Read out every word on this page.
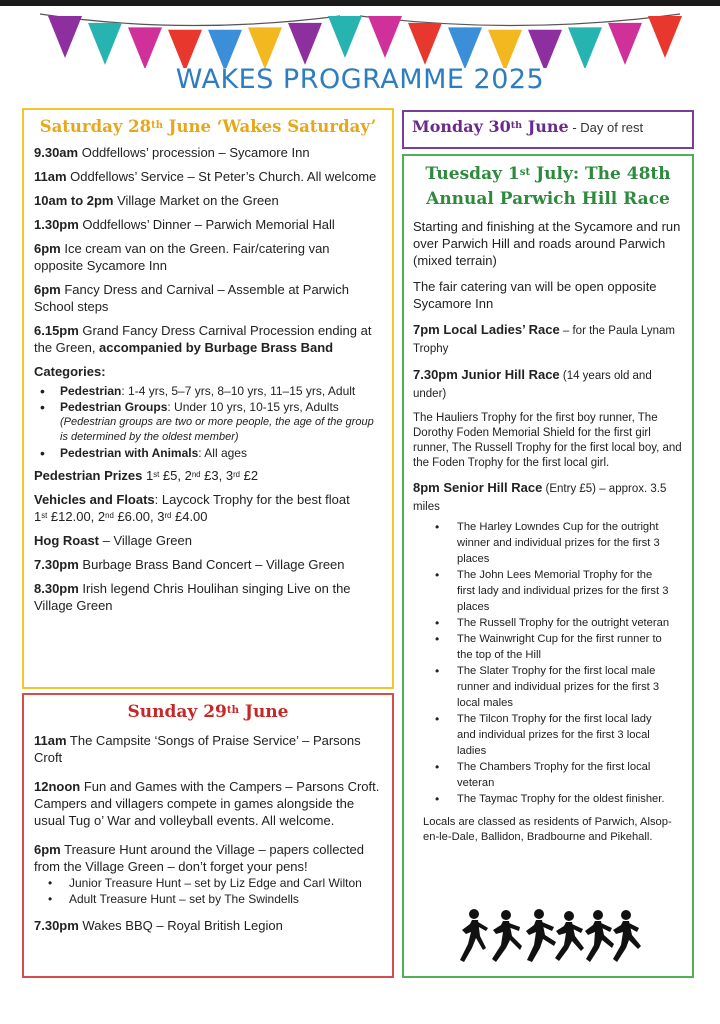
WAKES PROGRAMME 2025
Saturday 28th June ‘Wakes Saturday’
9.30am Oddfellows’ procession – Sycamore Inn
11am Oddfellows’ Service – St Peter’s Church. All welcome
10am to 2pm Village Market on the Green
1.30pm Oddfellows’ Dinner – Parwich Memorial Hall
6pm Ice cream van on the Green. Fair/catering van opposite Sycamore Inn
6pm Fancy Dress and Carnival – Assemble at Parwich School steps
6.15pm Grand Fancy Dress Carnival Procession ending at the Green, accompanied by Burbage Brass Band
Categories:
• Pedestrian: 1-4 yrs, 5–7 yrs, 8–10 yrs, 11–15 yrs, Adult
• Pedestrian Groups: Under 10 yrs, 10-15 yrs, Adults
(Pedestrian groups are two or more people, the age of the group is determined by the oldest member)
• Pedestrian with Animals: All ages
Pedestrian Prizes 1st £5, 2nd £3, 3rd £2
Vehicles and Floats: Laycock Trophy for the best float
1st £12.00, 2nd £6.00, 3rd £4.00
Hog Roast – Village Green
7.30pm Burbage Brass Band Concert – Village Green
8.30pm Irish legend Chris Houlihan singing Live on the Village Green
Sunday 29th June
11am The Campsite ‘Songs of Praise Service’ – Parsons Croft
12noon Fun and Games with the Campers – Parsons Croft. Campers and villagers compete in games alongside the usual Tug o’ War and volleyball events. All welcome.
6pm Treasure Hunt around the Village – papers collected from the Village Green – don’t forget your pens!
• Junior Treasure Hunt – set by Liz Edge and Carl Wilton
• Adult Treasure Hunt – set by The Swindells
7.30pm Wakes BBQ – Royal British Legion
Monday 30th June - Day of rest
Tuesday 1st July: The 48th Annual Parwich Hill Race
Starting and finishing at the Sycamore and run over Parwich Hill and roads around Parwich (mixed terrain)
The fair catering van will be open opposite Sycamore Inn
7pm Local Ladies’ Race – for the Paula Lynam Trophy
7.30pm Junior Hill Race (14 years old and under)
The Hauliers Trophy for the first boy runner, The Dorothy Foden Memorial Shield for the first girl runner, The Russell Trophy for the first local boy, and the Foden Trophy for the first local girl.
8pm Senior Hill Race (Entry £5) – approx. 3.5 miles
• The Harley Lowndes Cup for the outright winner and individual prizes for the first 3 places
• The John Lees Memorial Trophy for the first lady and individual prizes for the first 3 places
• The Russell Trophy for the outright veteran
• The Wainwright Cup for the first runner to the top of the Hill
• The Slater Trophy for the first local male runner and individual prizes for the first 3 local males
• The Tilcon Trophy for the first local lady and individual prizes for the first 3 local ladies
• The Chambers Trophy for the first local veteran
• The Taymac Trophy for the oldest finisher.
Locals are classed as residents of Parwich, Alsop-en-le-Dale, Ballidon, Bradbourne and Pikehall.
